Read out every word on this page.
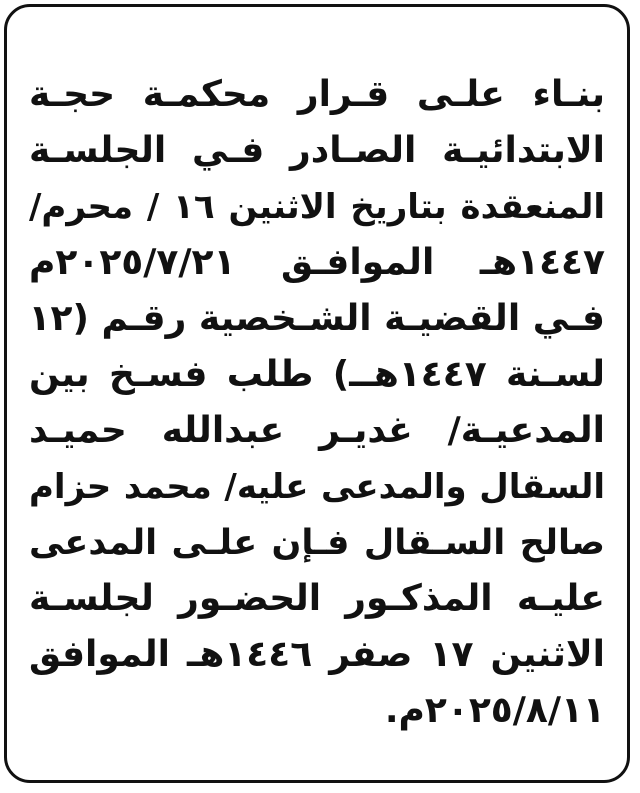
بنـاء علـى قـرار محكمـة حجـة
الابتدائيـة الصـادر فـي الجلسـة
المنعقدة بتاريخ الاثنين ١٦ / محرم/
١٤٤٧هـ الموافـق ٢٠٢٥/٧/٢١م
فـي القضيـة الشـخصية رقـم (١٢
لسـنة ١٤٤٧هــ) طلب فسـخ بين
المدعيـة/ غديـر عبدالله حميـد
السقال والمدعى عليه/ محمد حزام
صالح السـقال فـإن علـى المدعى
عليـه المذكـور الحضـور لجلسـة
الاثنين ١٧ صفر ١٤٤٦هـ الموافق
٢٠٢٥/٨/١١م.
